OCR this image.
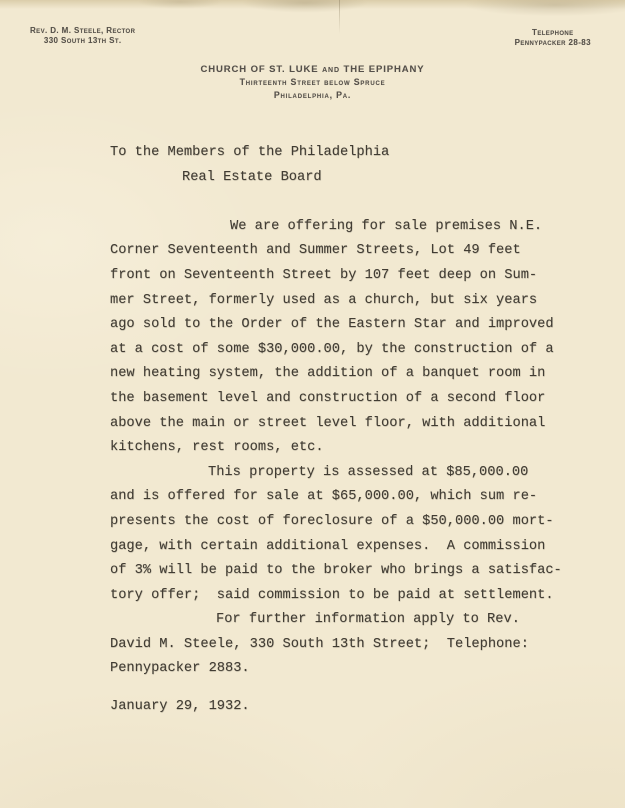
Rev. D. M. Steele, Rector
330 South 13th St.
Telephone
Pennypacker 28-83
CHURCH OF ST. LUKE and THE EPIPHANY
Thirteenth Street below Spruce
Philadelphia, Pa.
To the Members of the Philadelphia
Real Estate Board
We are offering for sale premises N.E.
Corner Seventeenth and Summer Streets, Lot 49 feet
front on Seventeenth Street by 107 feet deep on Sum-
mer Street, formerly used as a church, but six years
ago sold to the Order of the Eastern Star and improved
at a cost of some $30,000.00, by the construction of a
new heating system, the addition of a banquet room in
the basement level and construction of a second floor
above the main or street level floor, with additional
kitchens, rest rooms, etc.
This property is assessed at $85,000.00
and is offered for sale at $65,000.00, which sum re-
presents the cost of foreclosure of a $50,000.00 mort-
gage, with certain additional expenses.  A commission
of 3% will be paid to the broker who brings a satisfac-
tory offer;  said commission to be paid at settlement.
For further information apply to Rev.
David M. Steele, 330 South 13th Street;  Telephone:
Pennypacker 2883.
January 29, 1932.
